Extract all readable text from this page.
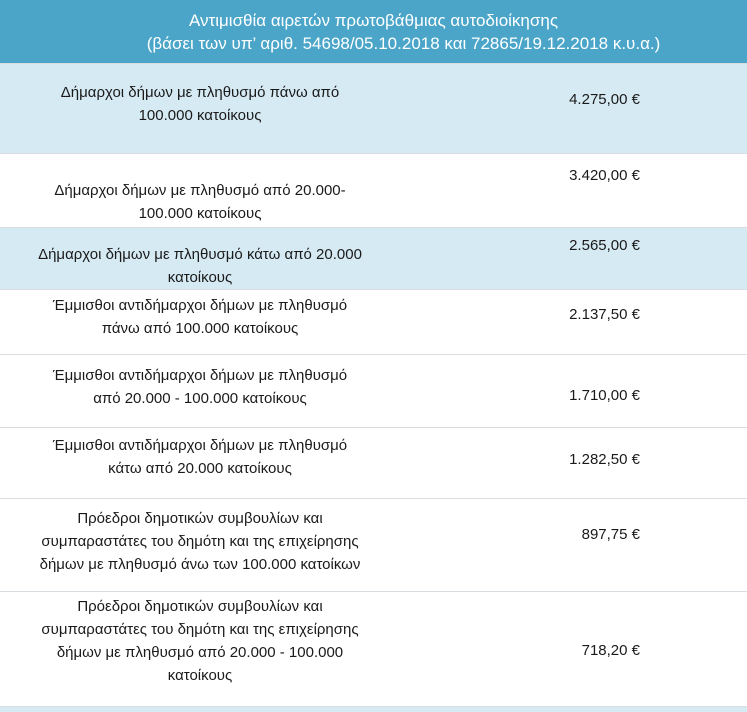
Αντιμισθία αιρετών πρωτοβάθμιας αυτοδιοίκησης
(βάσει των υπ’ αριθ. 54698/05.10.2018 και 72865/19.12.2018 κ.υ.α.)
Δήμαρχοι δήμων με πληθυσμό πάνω από
100.000 κατοίκους
4.275,00 €
Δήμαρχοι δήμων με πληθυσμό από 20.000-
100.000 κατοίκους
3.420,00 €
Δήμαρχοι δήμων με πληθυσμό κάτω από 20.000
κατοίκους
2.565,00 €
Έμμισθοι αντιδήμαρχοι δήμων με πληθυσμό
πάνω από 100.000 κατοίκους
2.137,50 €
Έμμισθοι αντιδήμαρχοι δήμων με πληθυσμό
από 20.000 - 100.000 κατοίκους	1.710,00 €
Έμμισθοι αντιδήμαρχοι δήμων με πληθυσμό
κάτω από 20.000 κατοίκους
1.282,50 €
Πρόεδροι δημοτικών συμβουλίων και
συμπαραστάτες του δημότη και της επιχείρησης
δήμων με πληθυσμό άνω των 100.000 κατοίκων
897,75 €
Πρόεδροι δημοτικών συμβουλίων και
συμπαραστάτες του δημότη και της επιχείρησης
δήμων με πληθυσμό από 20.000 - 100.000
κατοίκους
718,20 €
